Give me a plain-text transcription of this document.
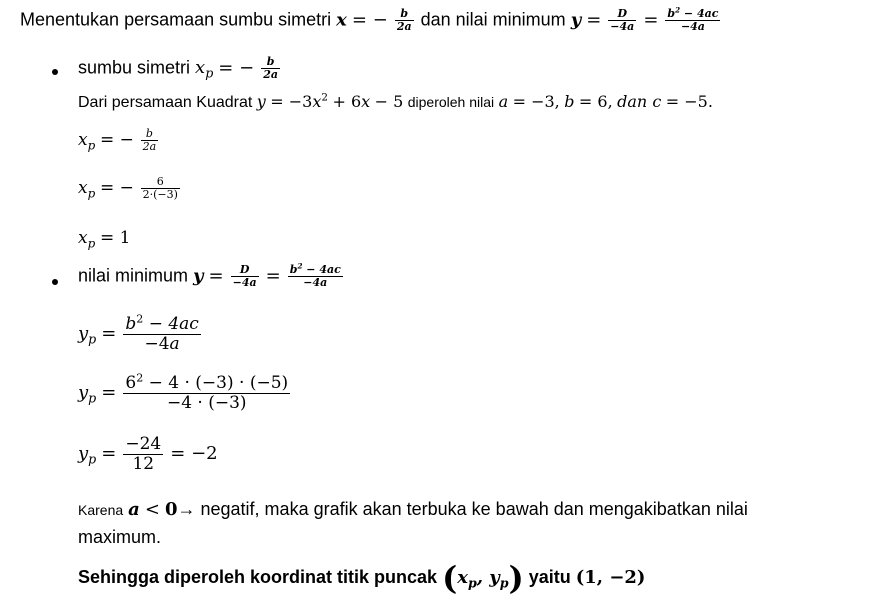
Menentukan persamaan sumbu simetri x = − $\frac{b}{2a}$ dan nilai minimum $y = \frac{D}{-4a} = \frac{b^2 - 4ac}{-4a}$
sumbu simetri $x_p$ = − $\frac{b}{2a}$
Dari persamaan Kuadrat $y = -3x^2 + 6x - 5$ diperoleh nilai a = −3, b = 6, dan c = −5.
$x_p$ = − $\frac{b}{2a}$
$x_p$ = − $\frac{6}{2\cdot(-3)}$
$x_p = 1$
nilai minimum $y = \frac{D}{-4a} = \frac{b^2 - 4ac}{-4a}$
$y_p = \frac{b^2 - 4ac}{-4a}$
$y_p = \frac{6^2 - 4 \cdot (-3) \cdot (-5)}{-4 \cdot (-3)}$
$y_p = \frac{-24}{12} = -2$
Karena a < 0→ negatif, maka grafik akan terbuka ke bawah dan mengakibatkan nilai
maximum.
Sehingga diperoleh koordinat titik puncak ($x_p$, $y_p$) yaitu (1, −2)
